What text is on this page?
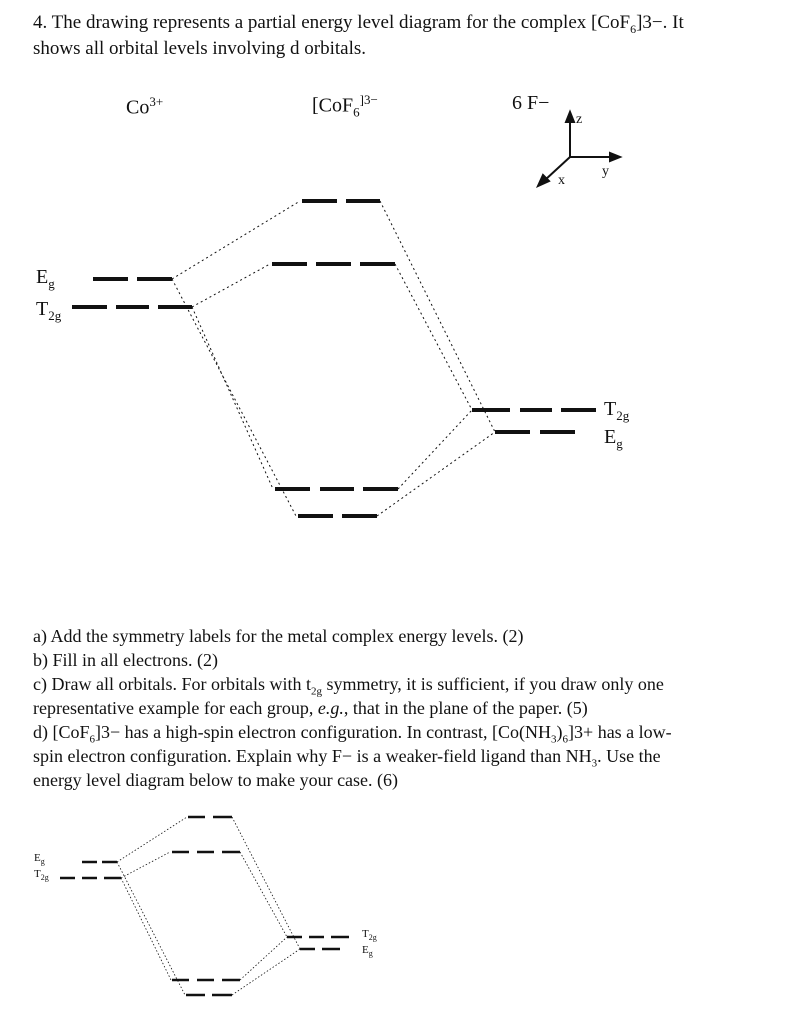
4. The drawing represents a partial energy level diagram for the complex [CoF$_6$]3−. It
shows all orbital levels involving d orbitals.
$Co^{3+}$	[CoF$_6^{]3-}$	6 F−
z
x
y
$E_g$
$T_{2g}$
$T_{2g}$
$E_g$
a) Add the symmetry labels for the metal complex energy levels. (2)
b) Fill in all electrons. (2)
c) Draw all orbitals. For orbitals with $t_{2g}$ symmetry, it is sufficient, if you draw only one
representative example for each group, e.g., that in the plane of the paper. (5)
d) [CoF$_6$]3− has a high-spin electron configuration. In contrast, $[Co(NH_3)_6]3+$ has a low-
spin electron configuration. Explain why F− is a weaker-field ligand than $NH_3$. Use the
energy level diagram below to make your case. (6)
$E_g$
$T_{2g}$
$T_{2g}$
$E_g$
